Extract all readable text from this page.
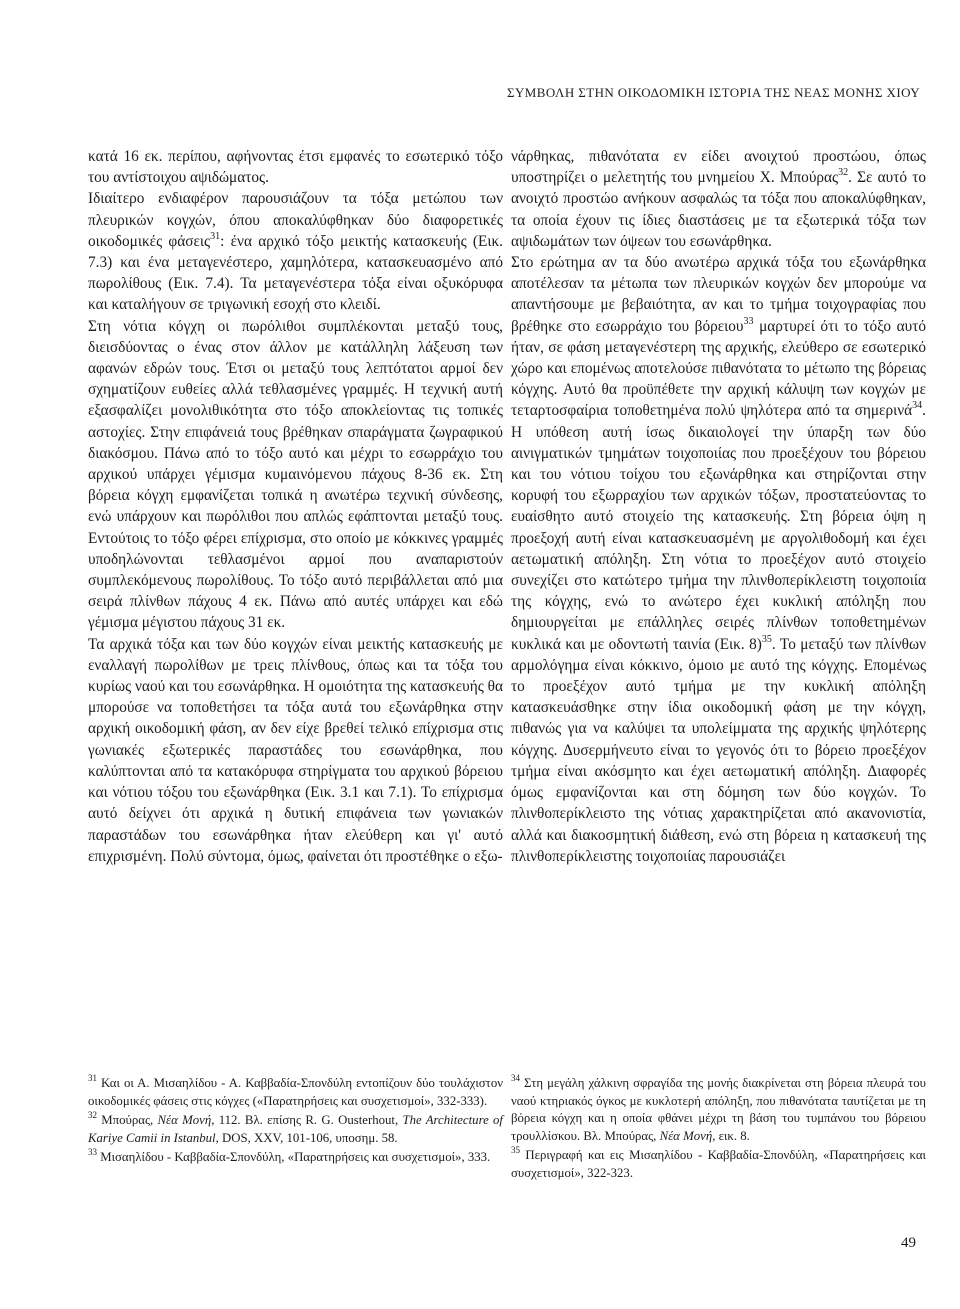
ΣΥΜΒΟΛΗ ΣΤΗΝ ΟΙΚΟΔΟΜΙΚΗ ΙΣΤΟΡΙΑ ΤΗΣ ΝΕΑΣ ΜΟΝΗΣ ΧΙΟΥ

κατά 16 εκ. περίπου, αφήνοντας έτσι εμφανές το εσωτερικό τόξο του αντίστοιχου αψιδώματος.

Ιδιαίτερο ενδιαφέρον παρουσιάζουν τα τόξα μετώπου των πλευρικών κογχών, όπου αποκαλύφθηκαν δύο διαφορετικές οικοδομικές φάσεις$^{31}$: ένα αρχικό τόξο μεικτής κατασκευής (Εικ. 7.3) και ένα μεταγενέστερο, χαμηλότερα, κατασκευασμένο από πωρολίθους (Εικ. 7.4). Τα μεταγενέστερα τόξα είναι οξυκόρυφα και καταλήγουν σε τριγωνική εσοχή στο κλειδί.

Στη νότια κόγχη οι πωρόλιθοι συμπλέκονται μεταξύ τους, διεισδύοντας ο ένας στον άλλον με κατάλληλη λάξευση των αφανών εδρών τους. Έτσι οι μεταξύ τους λεπτότατοι αρμοί δεν σχηματίζουν ευθείες αλλά τεθλασμένες γραμμές. Η τεχνική αυτή εξασφαλίζει μονολιθικότητα στο τόξο αποκλείοντας τις τοπικές αστοχίες. Στην επιφάνειά τους βρέθηκαν σπαράγματα ζωγραφικού διακόσμου. Πάνω από το τόξο αυτό και μέχρι το εσωρράχιο του αρχικού υπάρχει γέμισμα κυμαινόμενου πάχους 8-36 εκ. Στη βόρεια κόγχη εμφανίζεται τοπικά η ανωτέρω τεχνική σύνδεσης, ενώ υπάρχουν και πωρόλιθοι που απλώς εφάπτονται μεταξύ τους. Εντούτοις το τόξο φέρει επίχρισμα, στο οποίο με κόκκινες γραμμές υποδηλώνονται τεθλασμένοι αρμοί που αναπαριστούν συμπλεκόμενους πωρολίθους. Το τόξο αυτό περιβάλλεται από μια σειρά πλίνθων πάχους 4 εκ. Πάνω από αυτές υπάρχει και εδώ γέμισμα μέγιστου πάχους 31 εκ.

Τα αρχικά τόξα και των δύο κογχών είναι μεικτής κατασκευής με εναλλαγή πωρολίθων με τρεις πλίνθους, όπως και τα τόξα του κυρίως ναού και του εσωνάρθηκα. Η ομοιότητα της κατασκευής θα μπορούσε να τοποθετήσει τα τόξα αυτά του εξωνάρθηκα στην αρχική οικοδομική φάση, αν δεν είχε βρεθεί τελικό επίχρισμα στις γωνιακές εξωτερικές παραστάδες του εσωνάρθηκα, που καλύπτονται από τα κατακόρυφα στηρίγματα του αρχικού βόρειου και νότιου τόξου του εξωνάρθηκα (Εικ. 3.1 και 7.1). Το επίχρισμα αυτό δείχνει ότι αρχικά η δυτική επιφάνεια των γωνιακών παραστάδων του εσωνάρθηκα ήταν ελεύθερη και γι' αυτό επιχρισμένη. Πολύ σύντομα, όμως, φαίνεται ότι προστέθηκε ο εξω-

νάρθηκας, πιθανότατα εν είδει ανοιχτού προστώου, όπως υποστηρίζει ο μελετητής του μνημείου Χ. Μπούρας$^{32}$. Σε αυτό το ανοιχτό προστώο ανήκουν ασφαλώς τα τόξα που αποκαλύφθηκαν, τα οποία έχουν τις ίδιες διαστάσεις με τα εξωτερικά τόξα των αψιδωμάτων των όψεων του εσωνάρθηκα.

Στο ερώτημα αν τα δύο ανωτέρω αρχικά τόξα του εξωνάρθηκα αποτέλεσαν τα μέτωπα των πλευρικών κογχών δεν μπορούμε να απαντήσουμε με βεβαιότητα, αν και το τμήμα τοιχογραφίας που βρέθηκε στο εσωρράχιο του βόρειου$^{33}$ μαρτυρεί ότι το τόξο αυτό ήταν, σε φάση μεταγενέστερη της αρχικής, ελεύθερο σε εσωτερικό χώρο και επομένως αποτελούσε πιθανότατα το μέτωπο της βόρειας κόγχης. Αυτό θα προϋπέθετε την αρχική κάλυψη των κογχών με τεταρτοσφαίρια τοποθετημένα πολύ ψηλότερα από τα σημερινά$^{34}$. Η υπόθεση αυτή ίσως δικαιολογεί την ύπαρξη των δύο αινιγματικών τμημάτων τοιχοποιίας που προεξέχουν του βόρειου και του νότιου τοίχου του εξωνάρθηκα και στηρίζονται στην κορυφή του εξωρραχίου των αρχικών τόξων, προστατεύοντας το ευαίσθητο αυτό στοιχείο της κατασκευής. Στη βόρεια όψη η προεξοχή αυτή είναι κατασκευασμένη με αργολιθοδομή και έχει αετωματική απόληξη. Στη νότια το προεξέχον αυτό στοιχείο συνεχίζει στο κατώτερο τμήμα την πλινθοπερίκλειστη τοιχοποιία της κόγχης, ενώ το ανώτερο έχει κυκλική απόληξη που δημιουργείται με επάλληλες σειρές πλίνθων τοποθετημένων κυκλικά και με οδοντωτή ταινία (Εικ. 8)$^{35}$. Το μεταξύ των πλίνθων αρμολόγημα είναι κόκκινο, όμοιο με αυτό της κόγχης. Επομένως το προεξέχον αυτό τμήμα με την κυκλική απόληξη κατασκευάσθηκε στην ίδια οικοδομική φάση με την κόγχη, πιθανώς για να καλύψει τα υπολείμματα της αρχικής ψηλότερης κόγχης. Δυσερμήνευτο είναι το γεγονός ότι το βόρειο προεξέχον τμήμα είναι ακόσμητο και έχει αετωματική απόληξη. Διαφορές όμως εμφανίζονται και στη δόμηση των δύο κογχών. Το πλινθοπερίκλειστο της νότιας χαρακτηρίζεται από ακανονιστία, αλλά και διακοσμητική διάθεση, ενώ στη βόρεια η κατασκευή της πλινθοπερίκλειστης τοιχοποιίας παρουσιάζει

$^{31}$ Και οι Α. Μισαηλίδου - Α. Καββαδία-Σπονδύλη εντοπίζουν δύο τουλάχιστον οικοδομικές φάσεις στις κόγχες («Παρατηρήσεις και συσχετισμοί», 332-333).

$^{32}$ Μπούρας, Νέα Μονή, 112. Βλ. επίσης R. G. Ousterhout, The Architecture of Kariye Camii in Istanbul, DOS, XXV, 101-106, υποσημ. 58.

$^{33}$ Μισαηλίδου - Καββαδία-Σπονδύλη, «Παρατηρήσεις και συσχετισμοί», 333.

$^{34}$ Στη μεγάλη χάλκινη σφραγίδα της μονής διακρίνεται στη βόρεια πλευρά του ναού κτηριακός όγκος με κυκλοτερή απόληξη, που πιθανότατα ταυτίζεται με τη βόρεια κόγχη και η οποία φθάνει μέχρι τη βάση του τυμπάνου του βόρειου τρουλλίσκου. Βλ. Μπούρας, Νέα Μονή, εικ. 8.

$^{35}$ Περιγραφή και εις Μισαηλίδου - Καββαδία-Σπονδύλη, «Παρατηρήσεις και συσχετισμοί», 322-323.

49
